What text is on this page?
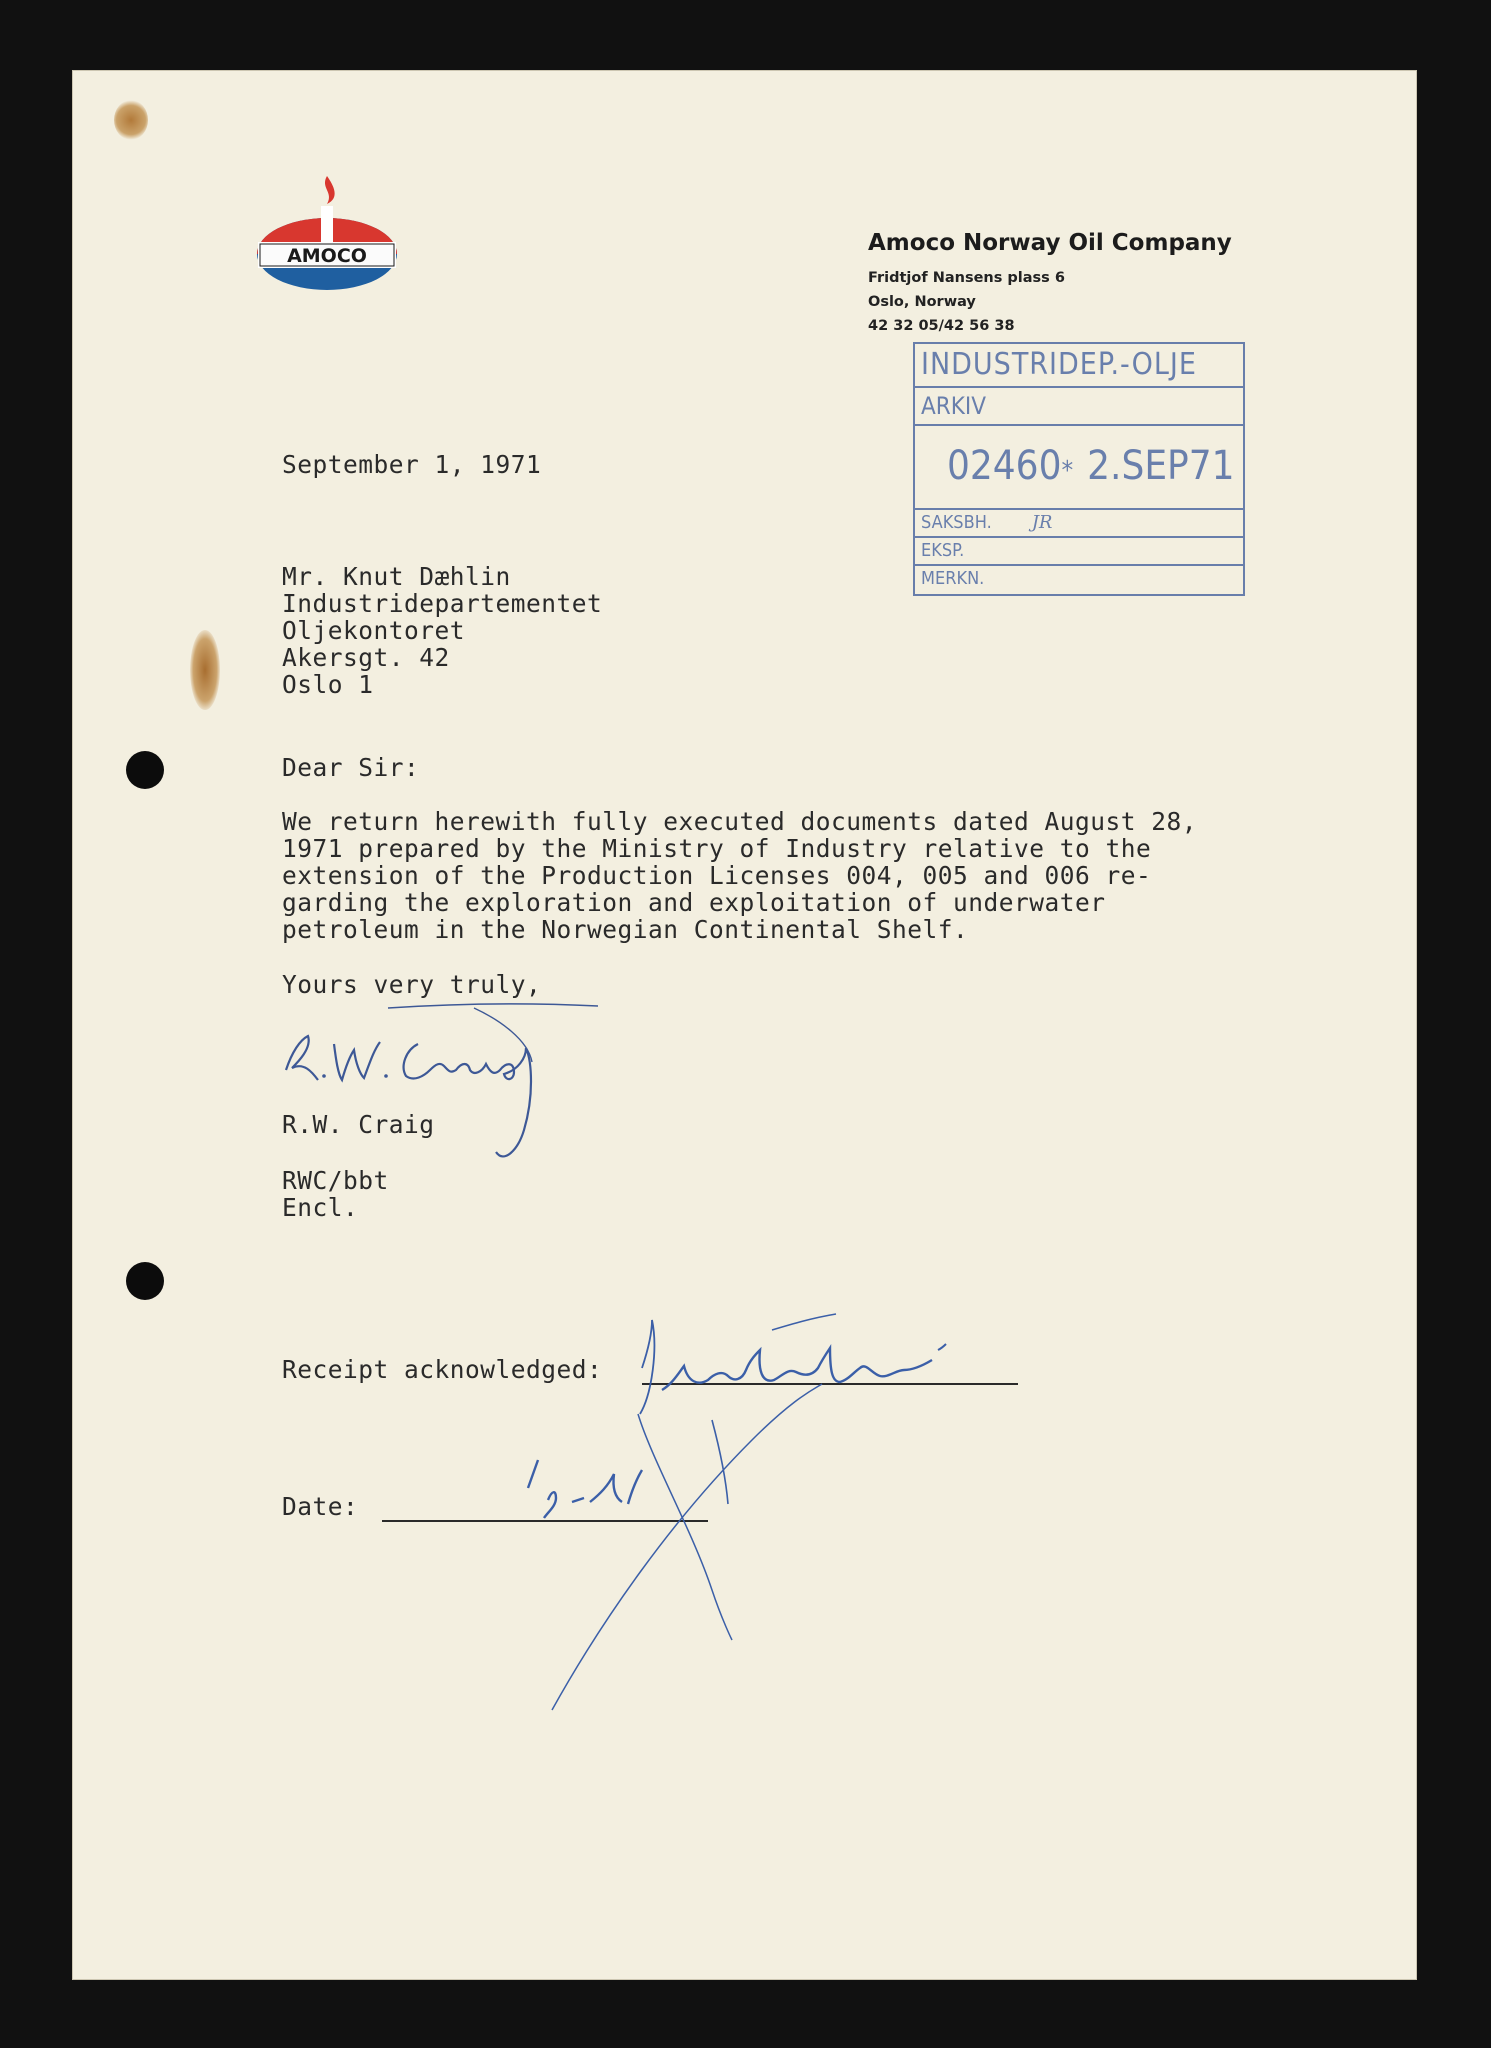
AMOCO	Amoco Norway Oil Company

Fridtjof Nansens plass 6

Oslo, Norway

42 32 05/42 56 38

INDUSTRIDEP.-OLJE
ARKIV
02460* 2.SEP71
SAKSBH. JR
EKSP.
MERKN.

September 1, 1971

Mr. Knut Dæhlin

Industridepartementet

Oljekontoret

Akersgt. 42

Oslo 1

Dear Sir:

We return herewith fully executed documents dated August 28,

1971 prepared by the Ministry of Industry relative to the

extension of the Production Licenses 004, 005 and 006 re-

garding the exploration and exploitation of underwater

petroleum in the Norwegian Continental Shelf.

Yours very truly,

R.W. Craig

RWC/bbt

Encl.

Receipt acknowledged:

Date:
